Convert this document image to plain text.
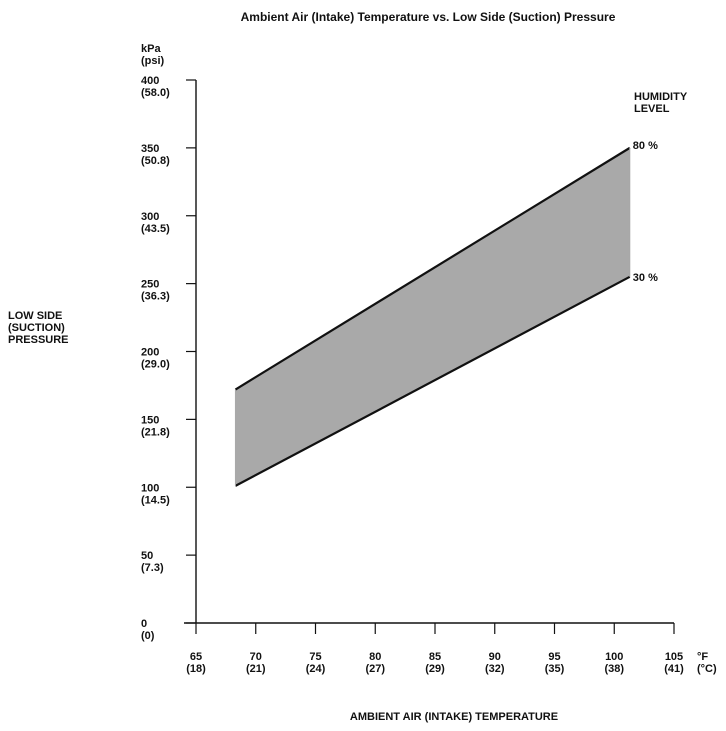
Ambient Air (Intake) Temperature vs. Low Side (Suction) Pressure
kPa
(psi)
LOW SIDE
(SUCTION)
PRESSURE
HUMIDITY
LEVEL
°F
(°C)
AMBIENT AIR (INTAKE) TEMPERATURE
80 %
30 %
0
(0)
50
(7.3)
100
(14.5)
150
(21.8)
200
(29.0)
250
(36.3)
300
(43.5)
350
(50.8)
400
(58.0)
65
(18)
70
(21)
75
(24)
80
(27)
85
(29)
90
(32)
95
(35)
100
(38)
105
(41)
